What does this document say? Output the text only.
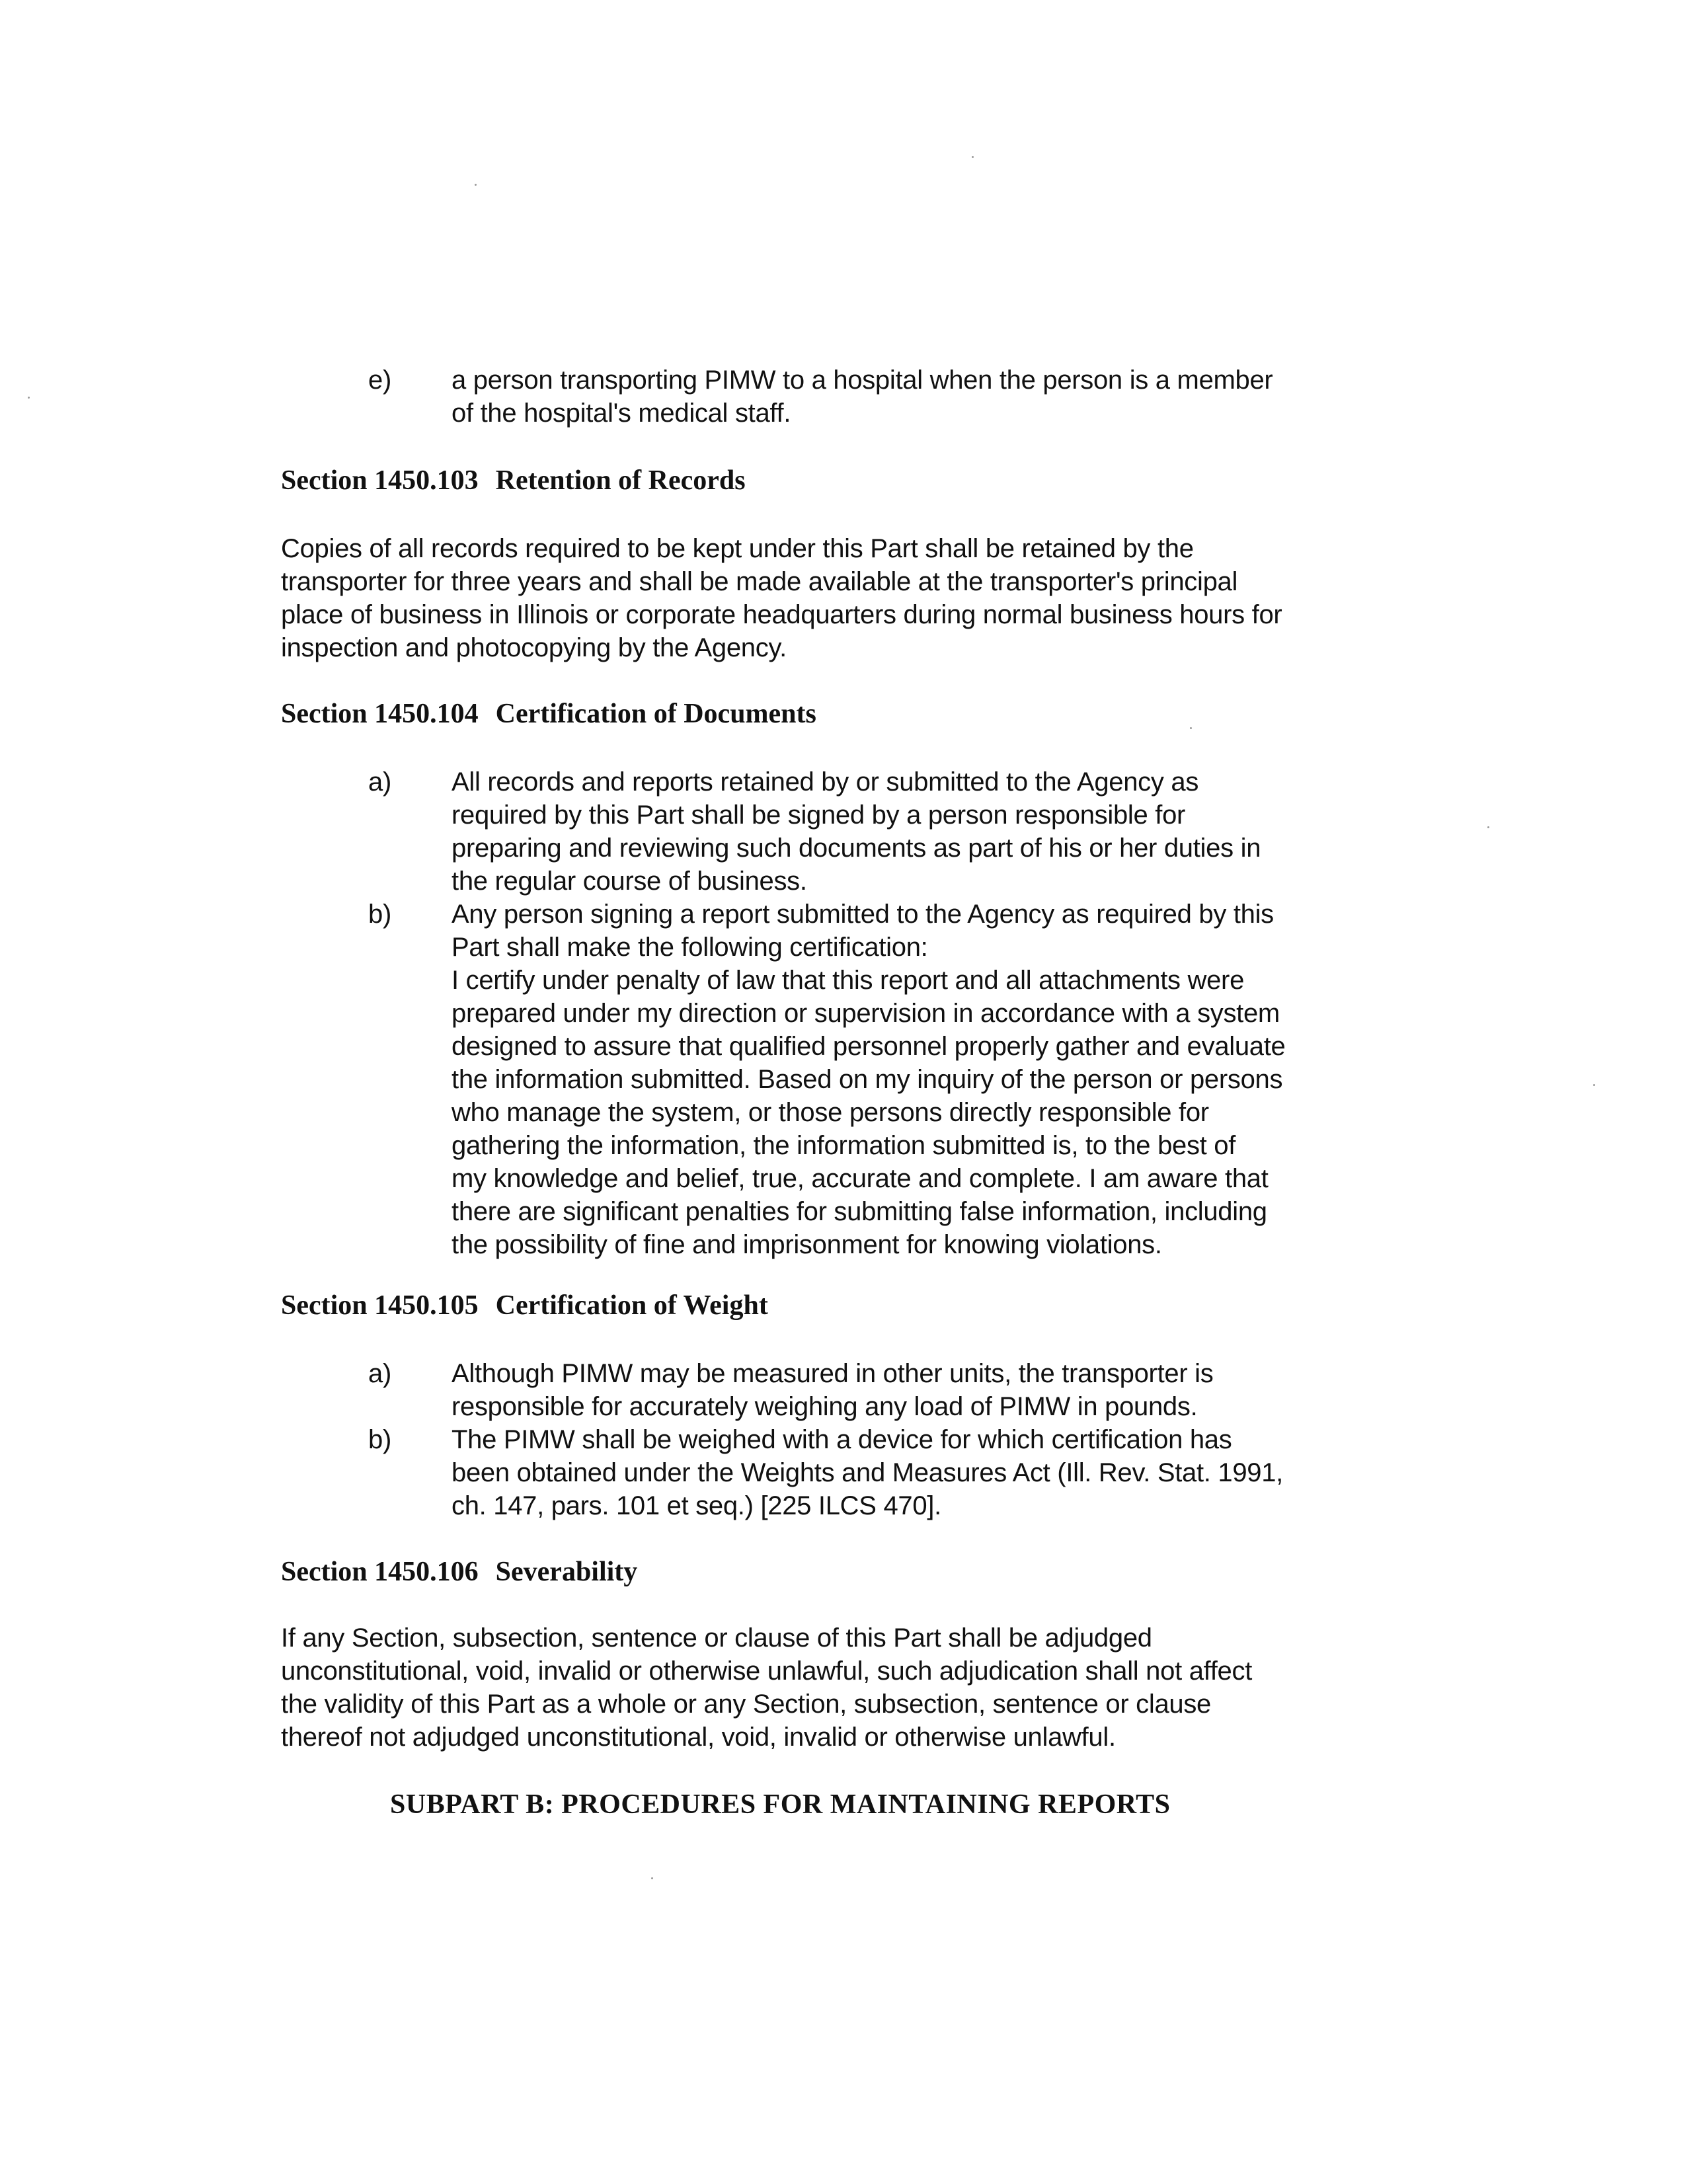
e) a person transporting PIMW to a hospital when the person is a member
of the hospital's medical staff.
Section 1450.103 Retention of Records
Copies of all records required to be kept under this Part shall be retained by the
transporter for three years and shall be made available at the transporter's principal
place of business in Illinois or corporate headquarters during normal business hours for
inspection and photocopying by the Agency.
Section 1450.104 Certification of Documents
a) All records and reports retained by or submitted to the Agency as
required by this Part shall be signed by a person responsible for
preparing and reviewing such documents as part of his or her duties in
the regular course of business.
b) Any person signing a report submitted to the Agency as required by this
Part shall make the following certification:
I certify under penalty of law that this report and all attachments were
prepared under my direction or supervision in accordance with a system
designed to assure that qualified personnel properly gather and evaluate
the information submitted. Based on my inquiry of the person or persons
who manage the system, or those persons directly responsible for
gathering the information, the information submitted is, to the best of
my knowledge and belief, true, accurate and complete. I am aware that
there are significant penalties for submitting false information, including
the possibility of fine and imprisonment for knowing violations.
Section 1450.105 Certification of Weight
a) Although PIMW may be measured in other units, the transporter is
responsible for accurately weighing any load of PIMW in pounds.
b) The PIMW shall be weighed with a device for which certification has
been obtained under the Weights and Measures Act (Ill. Rev. Stat. 1991,
ch. 147, pars. 101 et seq.) [225 ILCS 470].
Section 1450.106 Severability
If any Section, subsection, sentence or clause of this Part shall be adjudged
unconstitutional, void, invalid or otherwise unlawful, such adjudication shall not affect
the validity of this Part as a whole or any Section, subsection, sentence or clause
thereof not adjudged unconstitutional, void, invalid or otherwise unlawful.
SUBPART B: PROCEDURES FOR MAINTAINING REPORTS
